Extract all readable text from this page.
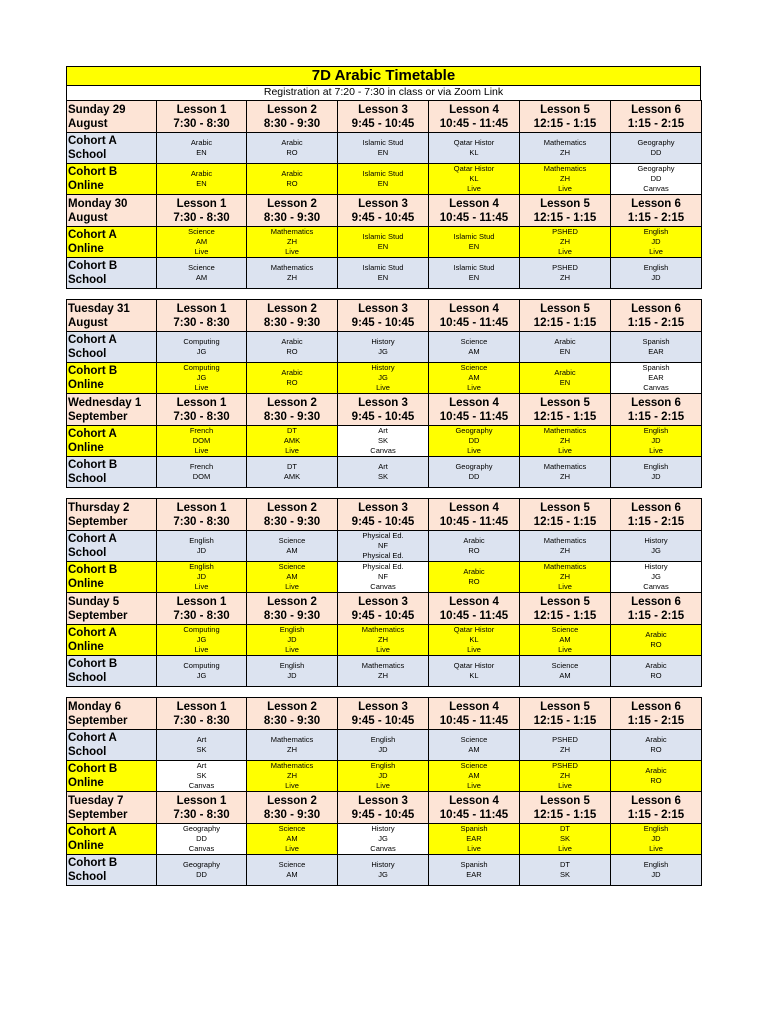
7D Arabic Timetable
Registration at 7:20 - 7:30 in class or via Zoom Link
Sunday 29
August	Lesson 1
7:30 - 8:30	Lesson 2
8:30 - 9:30	Lesson 3
9:45 - 10:45	Lesson 4
10:45 - 11:45	Lesson 5
12:15 - 1:15	Lesson 6
1:15 - 2:15

Cohort A
School	Arabic
EN	Arabic
RO	Islamic Stud
EN	Qatar Histor
KL	Mathematics
ZH	Geography
DD

Cohort B
Online	Arabic
EN	Arabic
RO	Islamic Stud
EN	Qatar Histor
KL
Live	Mathematics
ZH
Live	Geography
DD
Canvas

Monday 30
August	Lesson 1
7:30 - 8:30	Lesson 2
8:30 - 9:30	Lesson 3
9:45 - 10:45	Lesson 4
10:45 - 11:45	Lesson 5
12:15 - 1:15	Lesson 6
1:15 - 2:15

Cohort A
Online	Science
AM
Live	Mathematics
ZH
Live	Islamic Stud
EN	Islamic Stud
EN	PSHED
ZH
Live	English
JD
Live

Cohort B
School	Science
AM	Mathematics
ZH	Islamic Stud
EN	Islamic Stud
EN	PSHED
ZH	English
JD
Tuesday 31
August	Lesson 1
7:30 - 8:30	Lesson 2
8:30 - 9:30	Lesson 3
9:45 - 10:45	Lesson 4
10:45 - 11:45	Lesson 5
12:15 - 1:15	Lesson 6
1:15 - 2:15

Cohort A
School	Computing
JG	Arabic
RO	History
JG	Science
AM	Arabic
EN	Spanish
EAR

Cohort B
Online	Computing
JG
Live	Arabic
RO	History
JG
Live	Science
AM
Live	Arabic
EN	Spanish
EAR
Canvas

Wednesday 1
September	Lesson 1
7:30 - 8:30	Lesson 2
8:30 - 9:30	Lesson 3
9:45 - 10:45	Lesson 4
10:45 - 11:45	Lesson 5
12:15 - 1:15	Lesson 6
1:15 - 2:15

Cohort A
Online	French
DOM
Live	DT
AMK
Live	Art
SK
Canvas	Geography
DD
Live	Mathematics
ZH
Live	English
JD
Live

Cohort B
School	French
DOM	DT
AMK	Art
SK	Geography
DD	Mathematics
ZH	English
JD
Thursday 2
September	Lesson 1
7:30 - 8:30	Lesson 2
8:30 - 9:30	Lesson 3
9:45 - 10:45	Lesson 4
10:45 - 11:45	Lesson 5
12:15 - 1:15	Lesson 6
1:15 - 2:15

Cohort A
School	English
JD	Science
AM	Physical Ed.
NF
Physical Ed.	Arabic
RO	Mathematics
ZH	History
JG

Cohort B
Online	English
JD
Live	Science
AM
Live	Physical Ed.
NF
Canvas	Arabic
RO	Mathematics
ZH
Live	History
JG
Canvas

Sunday 5
September	Lesson 1
7:30 - 8:30	Lesson 2
8:30 - 9:30	Lesson 3
9:45 - 10:45	Lesson 4
10:45 - 11:45	Lesson 5
12:15 - 1:15	Lesson 6
1:15 - 2:15

Cohort A
Online	Computing
JG
Live	English
JD
Live	Mathematics
ZH
Live	Qatar Histor
KL
Live	Science
AM
Live	Arabic
RO

Cohort B
School	Computing
JG	English
JD	Mathematics
ZH	Qatar Histor
KL	Science
AM	Arabic
RO
Monday 6
September	Lesson 1
7:30 - 8:30	Lesson 2
8:30 - 9:30	Lesson 3
9:45 - 10:45	Lesson 4
10:45 - 11:45	Lesson 5
12:15 - 1:15	Lesson 6
1:15 - 2:15

Cohort A
School	Art
SK	Mathematics
ZH	English
JD	Science
AM	PSHED
ZH	Arabic
RO

Cohort B
Online	Art
SK
Canvas	Mathematics
ZH
Live	English
JD
Live	Science
AM
Live	PSHED
ZH
Live	Arabic
RO

Tuesday 7
September	Lesson 1
7:30 - 8:30	Lesson 2
8:30 - 9:30	Lesson 3
9:45 - 10:45	Lesson 4
10:45 - 11:45	Lesson 5
12:15 - 1:15	Lesson 6
1:15 - 2:15

Cohort A
Online	Geography
DD
Canvas	Science
AM
Live	History
JG
Canvas	Spanish
EAR
Live	DT
SK
Live	English
JD
Live

Cohort B
School	Geography
DD	Science
AM	History
JG	Spanish
EAR	DT
SK	English
JD
